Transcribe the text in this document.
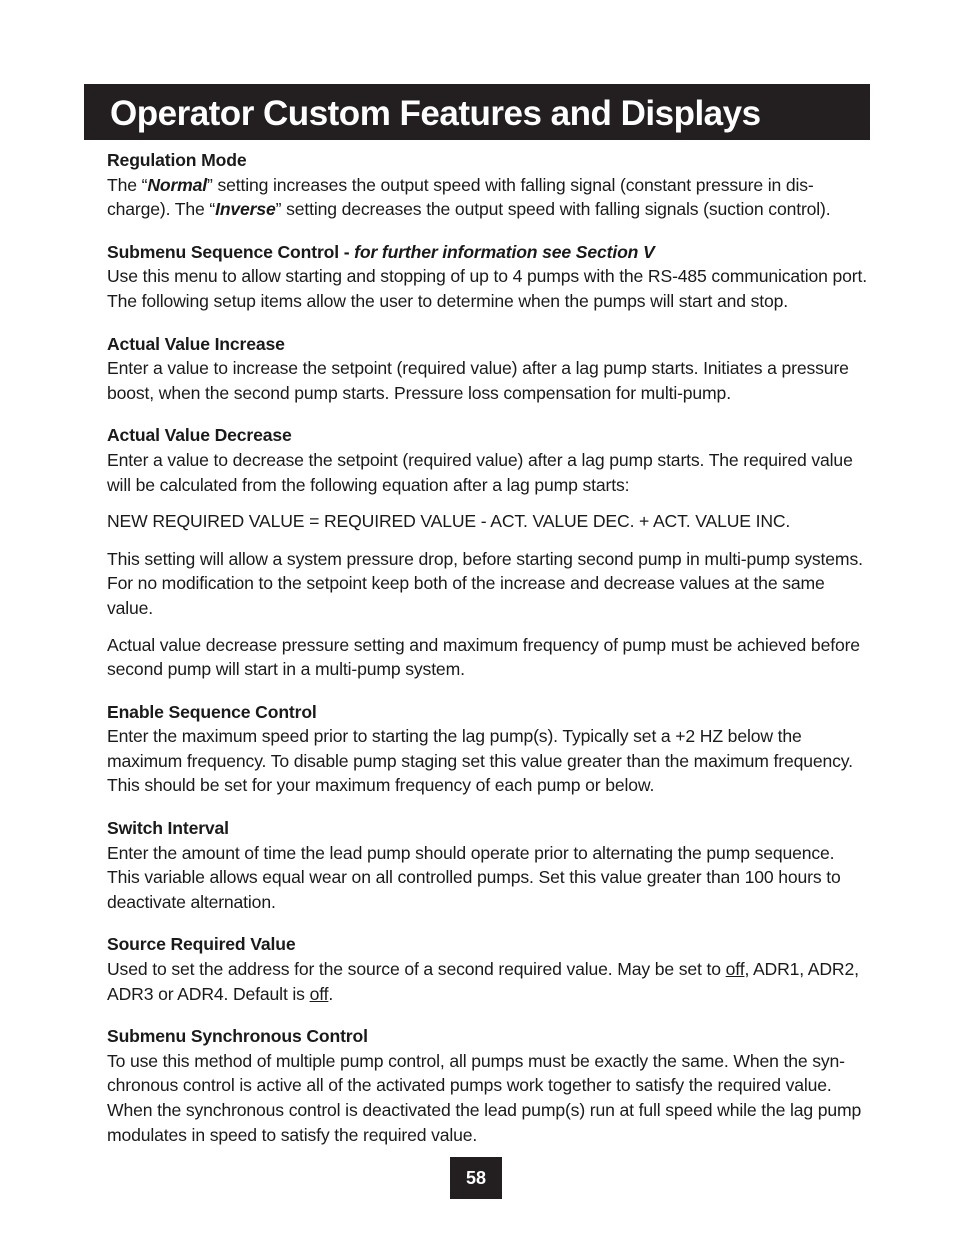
Operator Custom Features and Displays

Regulation Mode

The “Normal” setting increases the output speed with falling signal (constant pressure in dis-charge). The “Inverse” setting decreases the output speed with falling signals (suction control).

Submenu Sequence Control - for further information see Section V

Use this menu to allow starting and stopping of up to 4 pumps with the RS-485 communication port. The following setup items allow the user to determine when the pumps will start and stop.

Actual Value Increase

Enter a value to increase the setpoint (required value) after a lag pump starts. Initiates a pressure boost, when the second pump starts. Pressure loss compensation for multi-pump.

Actual Value Decrease

Enter a value to decrease the setpoint (required value) after a lag pump starts. The required value will be calculated from the following equation after a lag pump starts:

NEW REQUIRED VALUE = REQUIRED VALUE - ACT. VALUE DEC. + ACT. VALUE INC.

This setting will allow a system pressure drop, before starting second pump in multi-pump systems. For no modification to the setpoint keep both of the increase and decrease values at the same value.

Actual value decrease pressure setting and maximum frequency of pump must be achieved before second pump will start in a multi-pump system.

Enable Sequence Control

Enter the maximum speed prior to starting the lag pump(s). Typically set a +2 HZ below the maximum frequency. To disable pump staging set this value greater than the maximum frequency. This should be set for your maximum frequency of each pump or below.

Switch Interval

Enter the amount of time the lead pump should operate prior to alternating the pump sequence. This variable allows equal wear on all controlled pumps. Set this value greater than 100 hours to deactivate alternation.

Source Required Value

Used to set the address for the source of a second required value. May be set to off, ADR1, ADR2, ADR3 or ADR4. Default is off.

Submenu Synchronous Control

To use this method of multiple pump control, all pumps must be exactly the same. When the syn-chronous control is active all of the activated pumps work together to satisfy the required value. When the synchronous control is deactivated the lead pump(s) run at full speed while the lag pump modulates in speed to satisfy the required value.

58
